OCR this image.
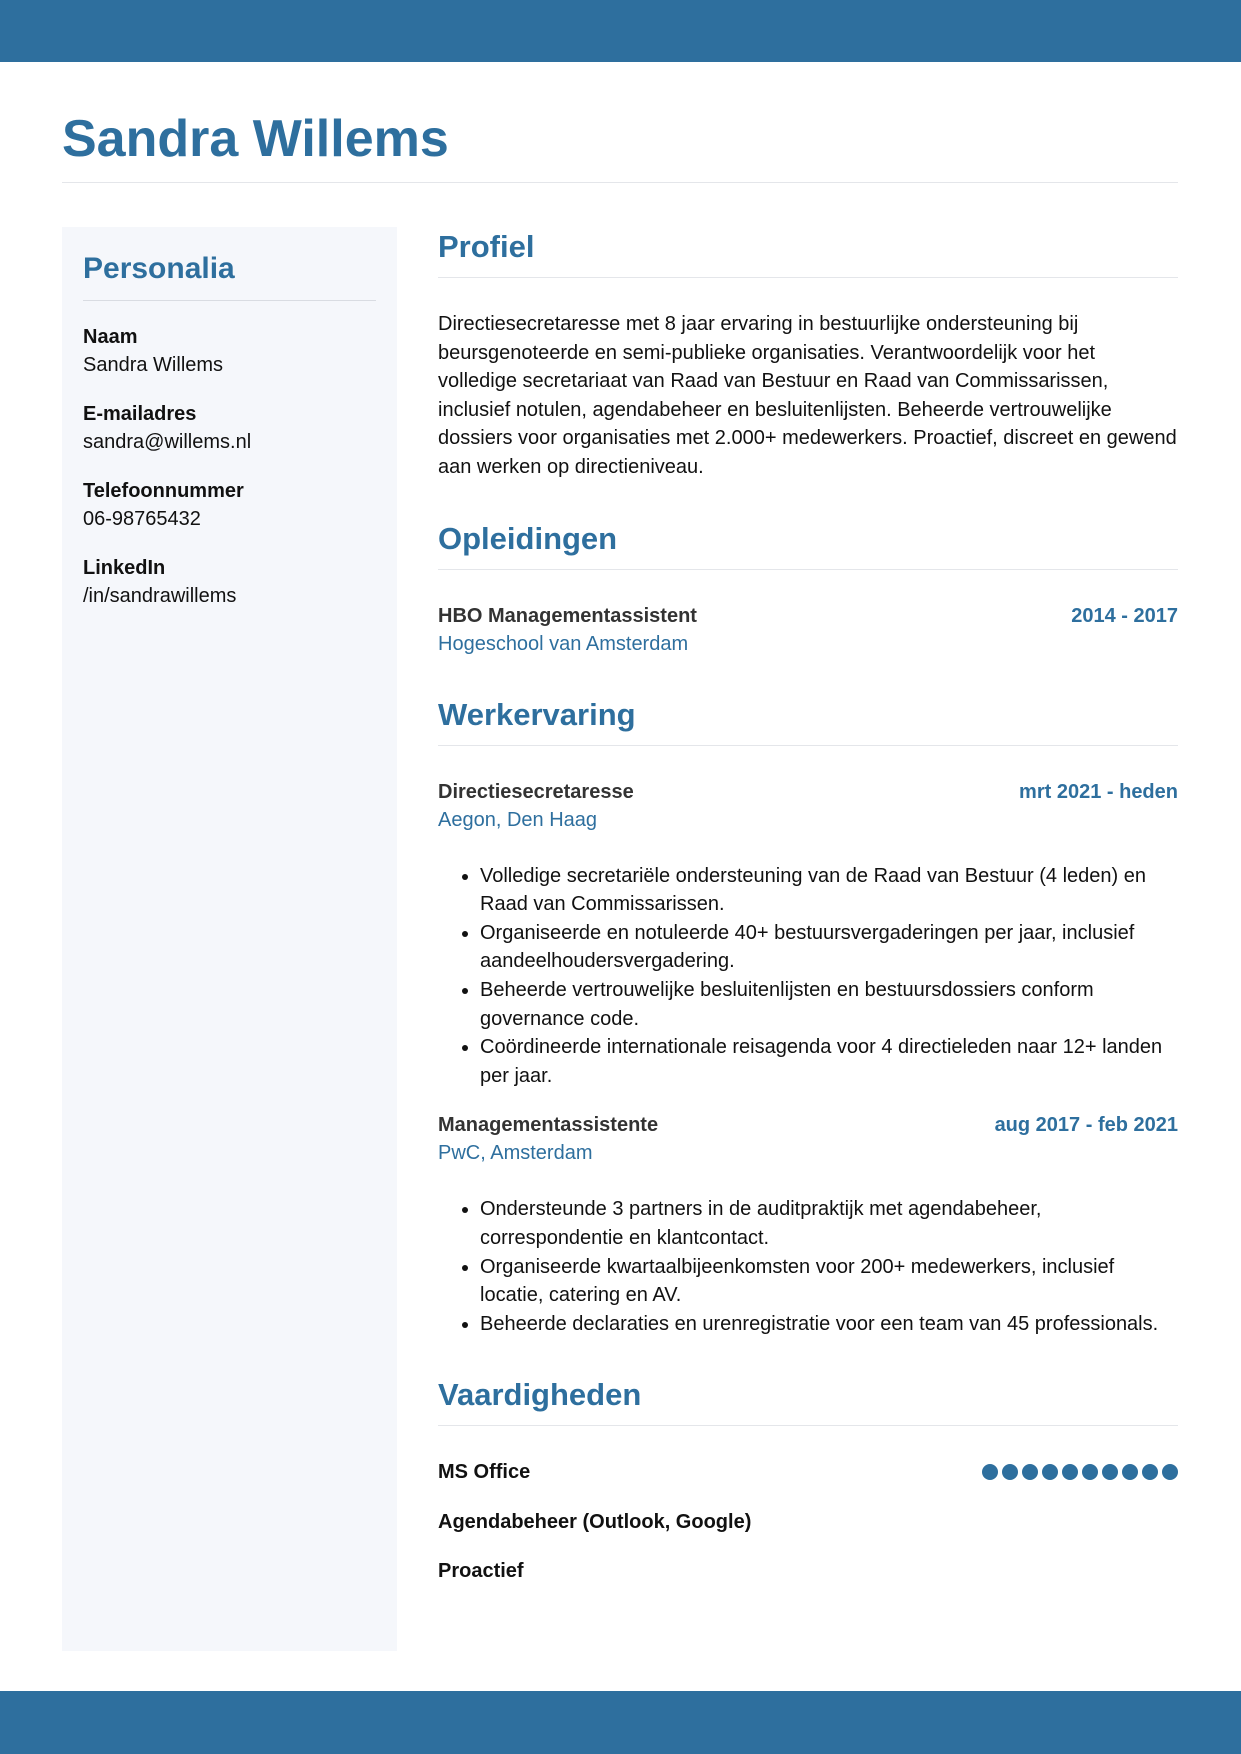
Sandra Willems
Personalia
Naam
Sandra Willems
E-mailadres
sandra@willems.nl
Telefoonnummer
06-98765432
LinkedIn
/in/sandrawillems
Profiel

Directiesecretaresse met 8 jaar ervaring in bestuurlijke ondersteuning bij beursgenoteerde en semi-publieke organisaties. Verantwoordelijk voor het volledige secretariaat van Raad van Bestuur en Raad van Commissarissen, inclusief notulen, agendabeheer en besluitenlijsten. Beheerde vertrouwelijke dossiers voor organisaties met 2.000+ medewerkers. Proactief, discreet en gewend aan werken op directieniveau.

Opleidingen
HBO Managementassistent	2014 - 2017
Hogeschool van Amsterdam
Werkervaring
Directiesecretaresse	mrt 2021 - heden
Aegon, Den Haag
• Volledige secretariële ondersteuning van de Raad van Bestuur (4 leden) en Raad van Commissarissen.
• Organiseerde en notuleerde 40+ bestuursvergaderingen per jaar, inclusief aandeelhoudersvergadering.
• Beheerde vertrouwelijke besluitenlijsten en bestuursdossiers conform governance code.
• Coördineerde internationale reisagenda voor 4 directieleden naar 12+ landen per jaar.
Managementassistente	aug 2017 - feb 2021
PwC, Amsterdam
• Ondersteunde 3 partners in de auditpraktijk met agendabeheer, correspondentie en klantcontact.
• Organiseerde kwartaalbijeenkomsten voor 200+ medewerkers, inclusief locatie, catering en AV.
• Beheerde declaraties en urenregistratie voor een team van 45 professionals.
Vaardigheden
MS Office
Agendabeheer (Outlook, Google)
Proactief
